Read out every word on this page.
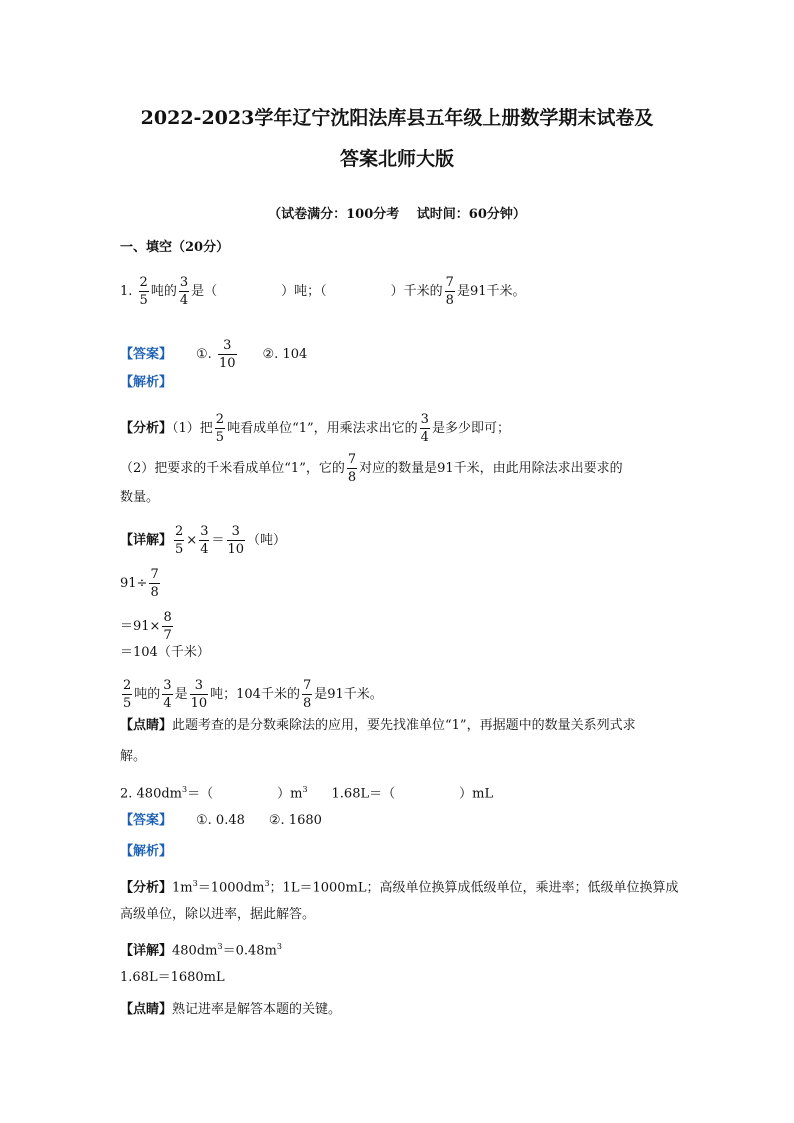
2022-2023学年辽宁沈阳法库县五年级上册数学期末试卷及
答案北师大版
（试卷满分：100分考　 试时间：60分钟）
一、填空（20分）
1. $\frac{2}{5}$ 吨的 $\frac{3}{4}$ 是（	）吨；（	）千米的 $\frac{7}{8}$ 是91千米。
【答案】 ①. $\frac{3}{10}$ ②. 104
【解析】
【分析】（1）把 $\frac{2}{5}$ 吨看成单位“1”，用乘法求出它的 $\frac{3}{4}$ 是多少即可；
（2）把要求的千米看成单位“1”，它的 $\frac{7}{8}$ 对应的数量是91千米，由此用除法求出要求的
数量。
【详解】 $\frac{2}{5} \times \frac{3}{4} = \frac{3}{10}$ （吨）
$91\div \frac{7}{8}$
$=91\times \frac{8}{7}$
＝104（千米）
$\frac{2}{5}$ 吨的 $\frac{3}{4}$ 是 $\frac{3}{10}$ 吨；104千米的 $\frac{7}{8}$ 是91千米。
【点睛】此题考查的是分数乘除法的应用，要先找准单位“1”，再据题中的数量关系列式求
解。
2. $480dm^3=$（	）$m^3$ 1.68L＝（	）mL
【答案】 ①. 0.48 ②. 1680
【解析】
【分析】$1m^3=1000dm^3$；1L＝1000mL；高级单位换算成低级单位，乘进率；低级单位换算成
高级单位，除以进率，据此解答。
【详解】$480dm^3=0.48m^3$
1.68L＝1680mL
【点睛】熟记进率是解答本题的关键。
